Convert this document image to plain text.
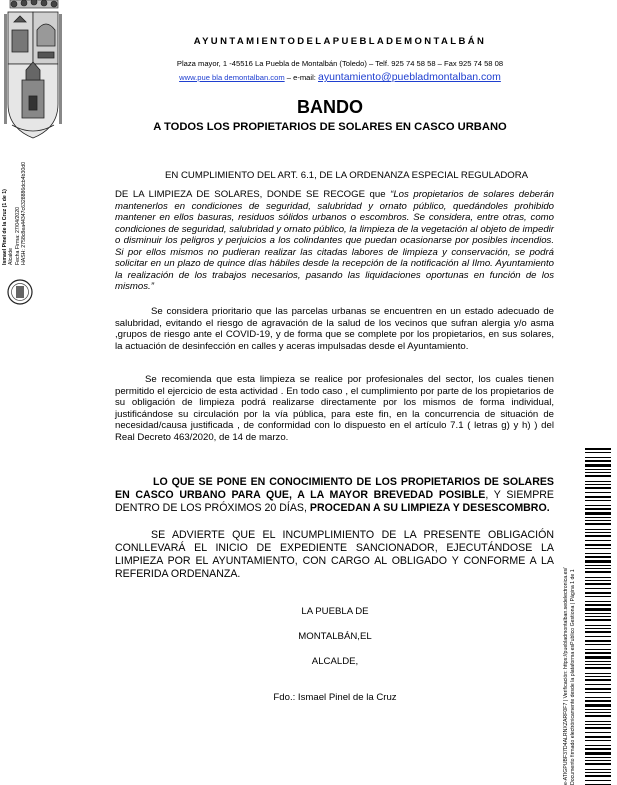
Ismael Pinel de la Cruz (1 de 1) Alcalde Fecha Firma: 27/04/2020 HASH: 2758c8ea44347c6328886dcb4b30d0
AYUNTAMIENTODELAPUEBLADEMONTALBÁN
Plaza mayor, 1 -45516 La Puebla de Montalbán (Toledo) – Telf. 925 74 58 58 – Fax 925 74 58 08
www.pue bla demontalban.com – e-mail: ayuntamiento@puebladmontalban.com
BANDO
A TODOS LOS PROPIETARIOS DE SOLARES EN CASCO URBANO
EN CUMPLIMIENTO DEL ART. 6.1, DE LA ORDENANZA ESPECIAL REGULADORA
DE LA LIMPIEZA DE SOLARES, DONDE SE RECOGE que “Los propietarios de solares deberán mantenerlos en condiciones de seguridad, salubridad y ornato público, quedándoles prohibido mantener en ellos basuras, residuos sólidos urbanos o escombros. Se considera, entre otras, como condiciones de seguridad, salubridad y ornato público, la limpieza de la vegetación al objeto de impedir o disminuir los peligros y perjuicios a los colindantes que puedan ocasionarse por posibles incendios. Si por ellos mismos no pudieran realizar las citadas labores de limpieza y conservación, se podrá solicitar en un plazo de quince días hábiles desde la recepción de la notificación al Ilmo. Ayuntamiento la realización de los trabajos necesarios, pasando las liquidaciones oportunas en función de los mismos.”
Se considera prioritario que las parcelas urbanas se encuentren en un estado adecuado de salubridad, evitando el riesgo de agravación de la salud de los vecinos que sufran alergia y/o asma ,grupos de riesgo ante el COVID-19, y de forma que se complete por los propietarios, en sus solares, la actuación de desinfección en calles y aceras impulsadas desde el Ayuntamiento.
Se recomienda que esta limpieza se realice por profesionales del sector, los cuales tienen permitido el ejercicio de esta actividad . En todo caso , el cumplimiento por parte de los propietarios de su obligación de limpieza podrá realizarse directamente por los mismos de forma individual, justificándose su circulación por la vía pública, para este fin, en la concurrencia de situación de necesidad/causa justificada , de conformidad con lo dispuesto en el artículo 7.1 ( letras g) y h) ) del Real Decreto 463/2020, de 14 de marzo.
LO QUE SE PONE EN CONOCIMIENTO DE LOS PROPIETARIOS DE SOLARES EN CASCO URBANO PARA QUE, A LA MAYOR BREVEDAD POSIBLE, Y SIEMPRE DENTRO DE LOS PRÓXIMOS 20 DÍAS, PROCEDAN A SU LIMPIEZA Y DESESCOMBRO.
SE ADVIERTE QUE EL INCUMPLIMIENTO DE LA PRESENTE OBLIGACIÓN CONLLEVARÁ EL INICIO DE EXPEDIENTE SANCIONADOR, EJECUTÁNDOSE LA LIMPIEZA POR EL AYUNTAMIENTO, CON CARGO AL OBLIGADO Y CONFORME A LA REFERIDA ORDENANZA.
LA PUEBLA DE
MONTALBÁN,EL
ALCALDE,
Fdo.: Ismael Pinel de la Cruz	e-ATIGPUBF37D4ALRNXZARF0F7 | Verificación: https://puebladmontalban.sedelectronica.es/ Documento firmado electrónicamente desde la plataforma esPublico Gestiona | Página 1 de 1
